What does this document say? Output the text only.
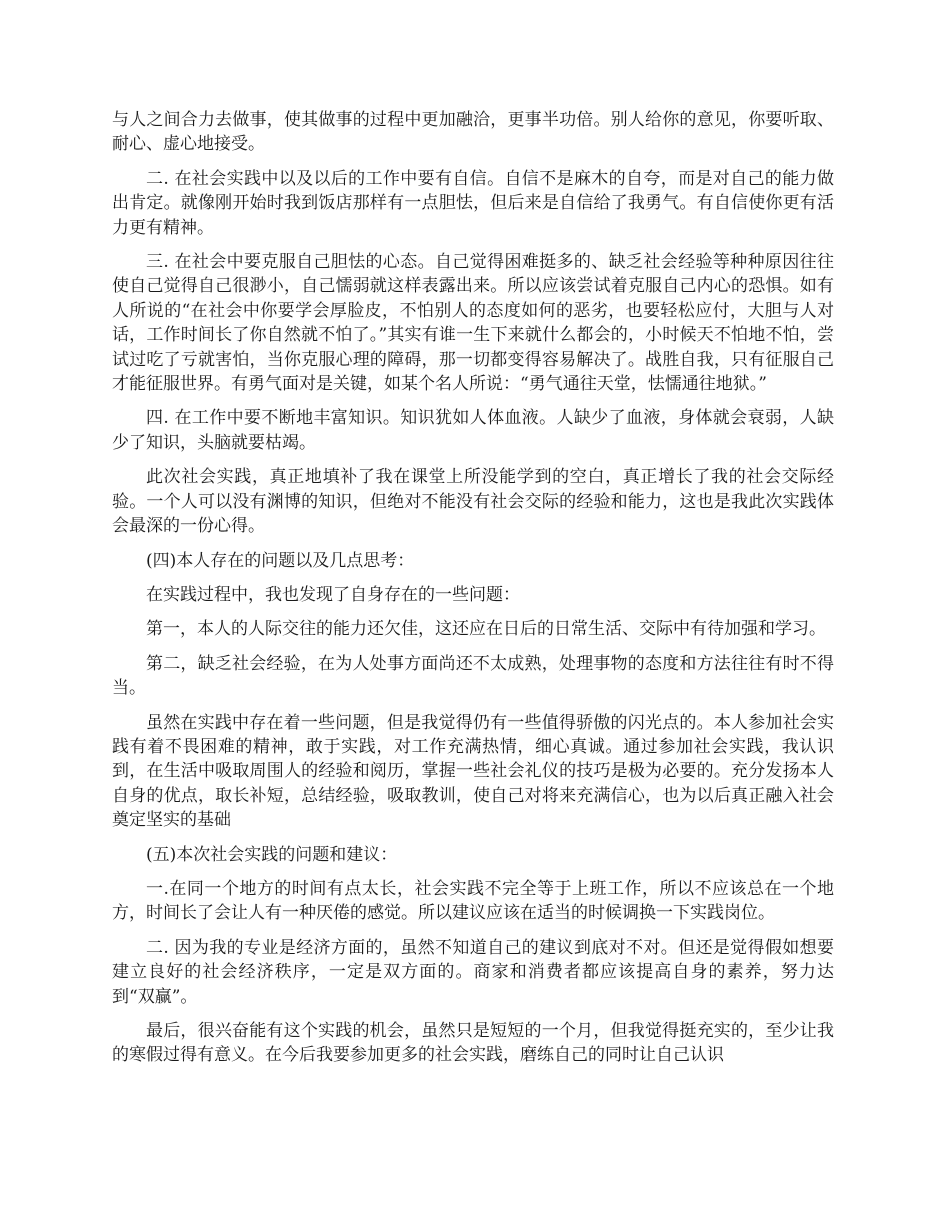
与人之间合力去做事，使其做事的过程中更加融洽，更事半功倍。别人给你的意见，你要听取、耐心、虚心地接受。

二. 在社会实践中以及以后的工作中要有自信。自信不是麻木的自夸，而是对自己的能力做出肯定。就像刚开始时我到饭店那样有一点胆怯，但后来是自信给了我勇气。有自信使你更有活力更有精神。

三. 在社会中要克服自己胆怯的心态。自己觉得困难挺多的、缺乏社会经验等种种原因往往使自己觉得自己很渺小，自己懦弱就这样表露出来。所以应该尝试着克服自己内心的恐惧。如有人所说的“在社会中你要学会厚脸皮，不怕别人的态度如何的恶劣，也要轻松应付，大胆与人对话，工作时间长了你自然就不怕了。”其实有谁一生下来就什么都会的，小时候天不怕地不怕，尝试过吃了亏就害怕，当你克服心理的障碍，那一切都变得容易解决了。战胜自我，只有征服自己才能征服世界。有勇气面对是关键，如某个名人所说：“勇气通往天堂，怯懦通往地狱。”

四. 在工作中要不断地丰富知识。知识犹如人体血液。人缺少了血液，身体就会衰弱，人缺少了知识，头脑就要枯竭。

此次社会实践，真正地填补了我在课堂上所没能学到的空白，真正增长了我的社会交际经验。一个人可以没有渊博的知识，但绝对不能没有社会交际的经验和能力，这也是我此次实践体会最深的一份心得。

(四)本人存在的问题以及几点思考：

在实践过程中，我也发现了自身存在的一些问题：

第一，本人的人际交往的能力还欠佳，这还应在日后的日常生活、交际中有待加强和学习。

第二，缺乏社会经验，在为人处事方面尚还不太成熟，处理事物的态度和方法往往有时不得当。

虽然在实践中存在着一些问题，但是我觉得仍有一些值得骄傲的闪光点的。本人参加社会实践有着不畏困难的精神，敢于实践，对工作充满热情，细心真诚。通过参加社会实践，我认识到，在生活中吸取周围人的经验和阅历，掌握一些社会礼仪的技巧是极为必要的。充分发扬本人自身的优点，取长补短，总结经验，吸取教训，使自己对将来充满信心，也为以后真正融入社会奠定坚实的基础

(五)本次社会实践的问题和建议：

一.在同一个地方的时间有点太长，社会实践不完全等于上班工作，所以不应该总在一个地方，时间长了会让人有一种厌倦的感觉。所以建议应该在适当的时候调换一下实践岗位。

二. 因为我的专业是经济方面的，虽然不知道自己的建议到底对不对。但还是觉得假如想要建立良好的社会经济秩序，一定是双方面的。商家和消费者都应该提高自身的素养，努力达到“双赢”。

最后，很兴奋能有这个实践的机会，虽然只是短短的一个月，但我觉得挺充实的，至少让我的寒假过得有意义。在今后我要参加更多的社会实践，磨练自己的同时让自己认识
